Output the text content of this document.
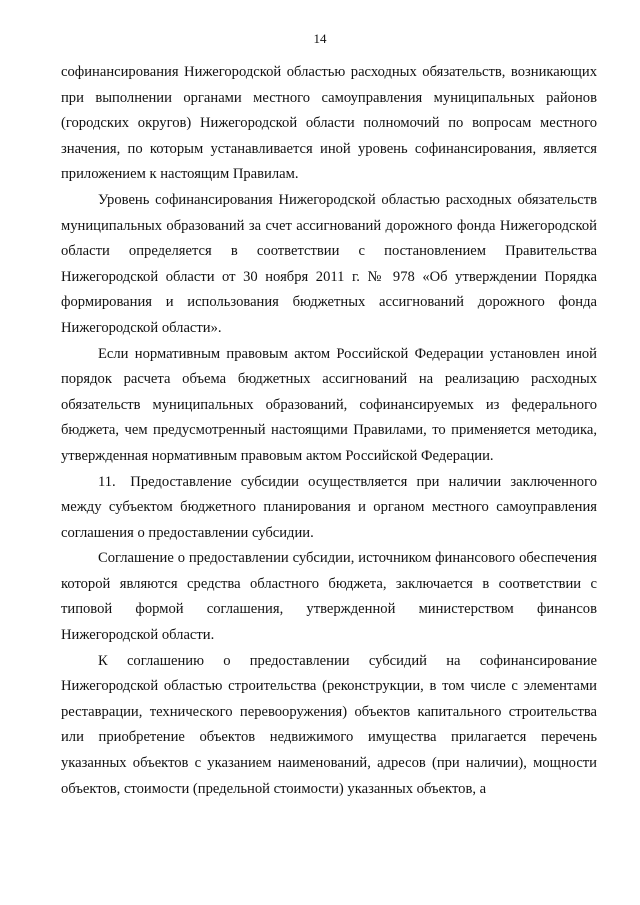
14

софинансирования Нижегородской областью расходных обязательств, возникающих при выполнении органами местного самоуправления муниципальных районов (городских округов) Нижегородской области полномочий по вопросам местного значения, по которым устанавливается иной уровень софинансирования, является приложением к настоящим Правилам.

Уровень софинансирования Нижегородской областью расходных обязательств муниципальных образований за счет ассигнований дорожного фонда Нижегородской области определяется в соответствии с постановлением Правительства Нижегородской области от 30 ноября 2011 г. № 978 «Об утверждении Порядка формирования и использования бюджетных ассигнований дорожного фонда Нижегородской области».

Если нормативным правовым актом Российской Федерации установлен иной порядок расчета объема бюджетных ассигнований на реализацию расходных обязательств муниципальных образований, софинансируемых из федерального бюджета, чем предусмотренный настоящими Правилами, то применяется методика, утвержденная нормативным правовым актом Российской Федерации.

11. Предоставление субсидии осуществляется при наличии заключенного между субъектом бюджетного планирования и органом местного самоуправления соглашения о предоставлении субсидии.

Соглашение о предоставлении субсидии, источником финансового обеспечения которой являются средства областного бюджета, заключается в соответствии с типовой формой соглашения, утвержденной министерством финансов Нижегородской области.

К соглашению о предоставлении субсидий на софинансирование Нижегородской областью строительства (реконструкции, в том числе с элементами реставрации, технического перевооружения) объектов капитального строительства или приобретение объектов недвижимого имущества прилагается перечень указанных объектов с указанием наименований, адресов (при наличии), мощности объектов, стоимости (предельной стоимости) указанных объектов, а
